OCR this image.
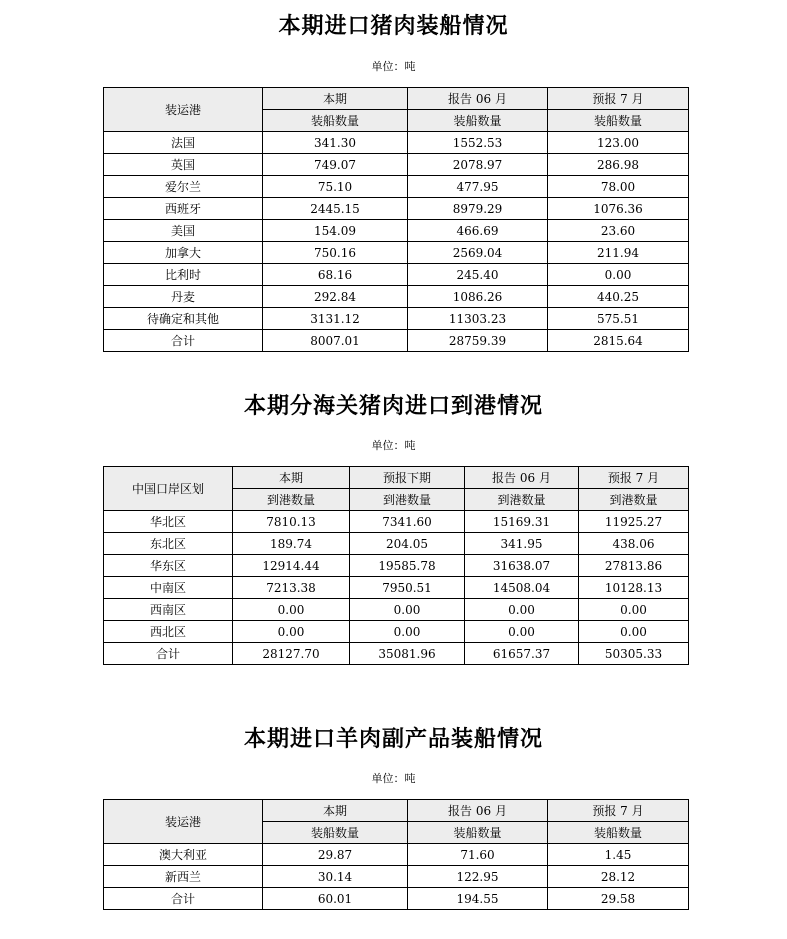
本期进口猪肉装船情况
单位：吨
装运港	本期	报告 06 月	预报 7 月
	装船数量	装船数量	装船数量
法国	341.30	1552.53	123.00
英国	749.07	2078.97	286.98
爱尔兰	75.10	477.95	78.00
西班牙	2445.15	8979.29	1076.36
美国	154.09	466.69	23.60
加拿大	750.16	2569.04	211.94
比利时	68.16	245.40	0.00
丹麦	292.84	1086.26	440.25
待确定和其他	3131.12	11303.23	575.51
合计	8007.01	28759.39	2815.64
本期分海关猪肉进口到港情况
单位：吨
中国口岸区划	本期	预报下期	报告 06 月	预报 7 月
	到港数量	到港数量	到港数量	到港数量
华北区	7810.13	7341.60	15169.31	11925.27
东北区	189.74	204.05	341.95	438.06
华东区	12914.44	19585.78	31638.07	27813.86
中南区	7213.38	7950.51	14508.04	10128.13
西南区	0.00	0.00	0.00	0.00
西北区	0.00	0.00	0.00	0.00
合计	28127.70	35081.96	61657.37	50305.33
本期进口羊肉副产品装船情况
单位：吨
装运港	本期	报告 06 月	预报 7 月
	装船数量	装船数量	装船数量
澳大利亚	29.87	71.60	1.45
新西兰	30.14	122.95	28.12
合计	60.01	194.55	29.58
